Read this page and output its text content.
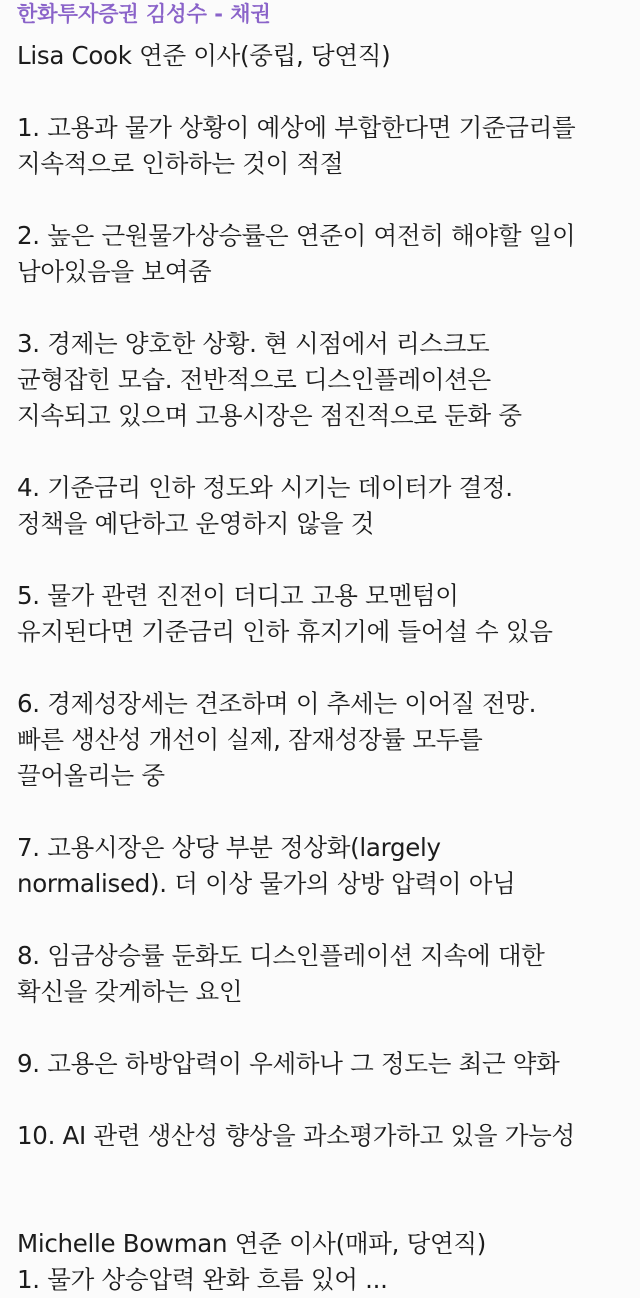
한화투자증권 김성수 - 채권
Lisa Cook 연준 이사(중립, 당연직)
1. 고용과 물가 상황이 예상에 부합한다면 기준금리를
지속적으로 인하하는 것이 적절
2. 높은 근원물가상승률은 연준이 여전히 해야할 일이
남아있음을 보여줌
3. 경제는 양호한 상황. 현 시점에서 리스크도
균형잡힌 모습. 전반적으로 디스인플레이션은
지속되고 있으며 고용시장은 점진적으로 둔화 중
4. 기준금리 인하 정도와 시기는 데이터가 결정.
정책을 예단하고 운영하지 않을 것
5. 물가 관련 진전이 더디고 고용 모멘텀이
유지된다면 기준금리 인하 휴지기에 들어설 수 있음
6. 경제성장세는 견조하며 이 추세는 이어질 전망.
빠른 생산성 개선이 실제, 잠재성장률 모두를
끌어올리는 중
7. 고용시장은 상당 부분 정상화(largely
normalised). 더 이상 물가의 상방 압력이 아님
8. 임금상승률 둔화도 디스인플레이션 지속에 대한
확신을 갖게하는 요인
9. 고용은 하방압력이 우세하나 그 정도는 최근 약화
10. AI 관련 생산성 향상을 과소평가하고 있을 가능성
Michelle Bowman 연준 이사(매파, 당연직)
1. 물가 상승압력 완화 흐름 있어 ...
